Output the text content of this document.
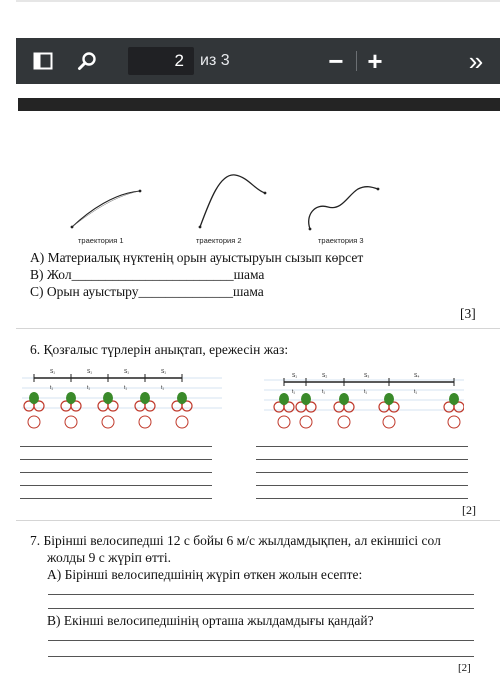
2	из 3	− +	»
траектория 1	траектория 2	траектория 3
А) Материалық нүктенің орын ауыстыруын сызып көрсет
В) Жол________________________шама
С) Орын ауыстыру______________шама
[3]
6. Қозғалыс түрлерін анықтап, ережесін жаз:
S₁	S₁	S₁	S₁
t₁	t₁	t₁	t₁
S₁	S₂	S₃	S₄
t₁	t₁	t₁	t₁
[2]
7. Бірінші велосипедші 12 с бойы 6 м/с жылдамдықпен, ал екіншісі сол
жолды 9 с жүріп өтті.
А) Бірінші велосипедшінің жүріп өткен жолын есепте:
В) Екінші велосипедшінің орташа жылдамдығы қандай?
[2]
